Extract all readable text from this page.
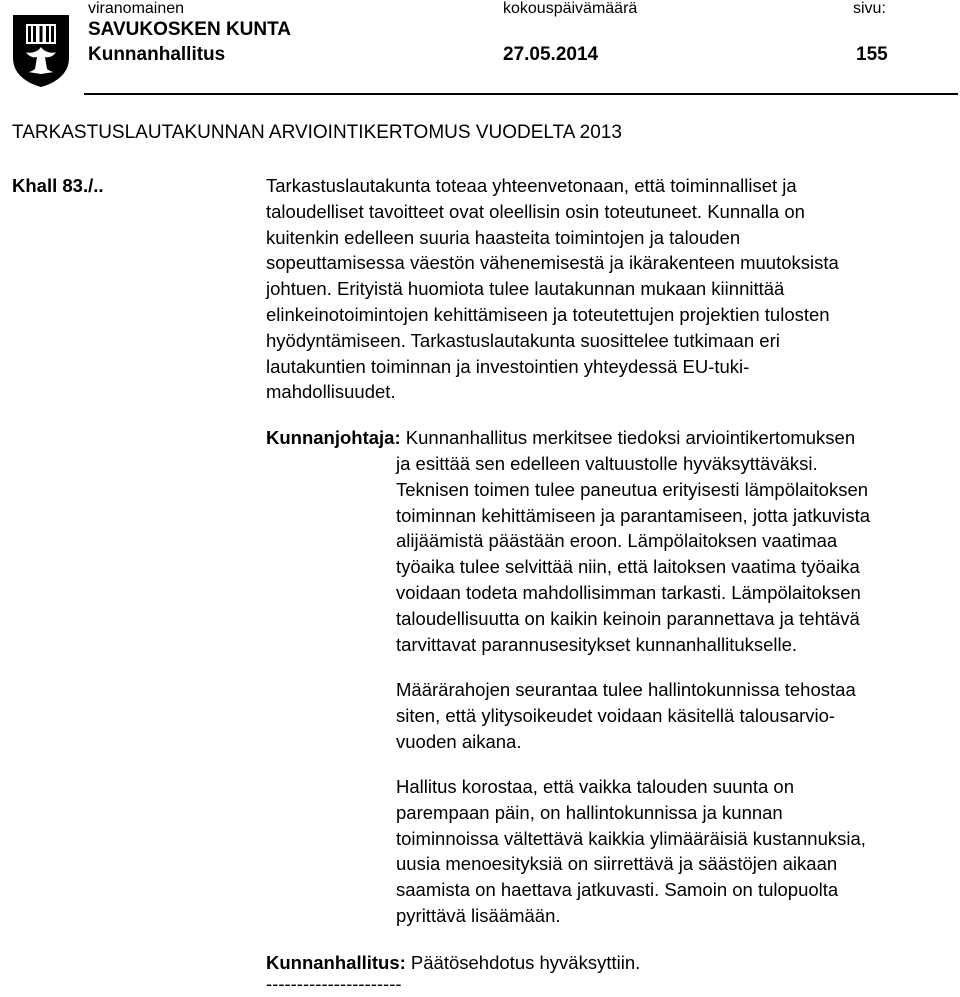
viranomainen	kokouspäivämäärä	sivu:
SAVUKOSKEN KUNTA
Kunnanhallitus	27.05.2014	155
TARKASTUSLAUTAKUNNAN ARVIOINTIKERTOMUS VUODELTA 2013
Khall 83./..	Tarkastuslautakunta toteaa yhteenvetonaan, että toiminnalliset ja

taloudelliset tavoitteet ovat oleellisin osin toteutuneet. Kunnalla on

kuitenkin edelleen suuria haasteita toimintojen ja talouden

sopeuttamisessa väestön vähenemisestä ja ikärakenteen muutoksista

johtuen. Erityistä huomiota tulee lautakunnan mukaan kiinnittää

elinkeinotoimintojen kehittämiseen ja toteutettujen projektien tulosten

hyödyntämiseen. Tarkastuslautakunta suosittelee tutkimaan eri

lautakuntien toiminnan ja investointien yhteydessä EU-tuki-

mahdollisuudet.

Kunnanjohtaja: Kunnanhallitus merkitsee tiedoksi arviointikertomuksen

ja esittää sen edelleen valtuustolle hyväksyttäväksi.

Teknisen toimen tulee paneutua erityisesti lämpölaitoksen

toiminnan kehittämiseen ja parantamiseen, jotta jatkuvista

alijäämistä päästään eroon. Lämpölaitoksen vaatimaa

työaika tulee selvittää niin, että laitoksen vaatima työaika

voidaan todeta mahdollisimman tarkasti. Lämpölaitoksen

taloudellisuutta on kaikin keinoin parannettava ja tehtävä

tarvittavat parannusesitykset kunnanhallitukselle.

Määrärahojen seurantaa tulee hallintokunnissa tehostaa

siten, että ylitysoikeudet voidaan käsitellä talousarvio-

vuoden aikana.

Hallitus korostaa, että vaikka talouden suunta on

parempaan päin, on hallintokunnissa ja kunnan

toiminnoissa vältettävä kaikkia ylimääräisiä kustannuksia,

uusia menoesityksiä on siirrettävä ja säästöjen aikaan

saamista on haettava jatkuvasti. Samoin on tulopuolta

pyrittävä lisäämään.

Kunnanhallitus: Päätösehdotus hyväksyttiin.
----------------------
